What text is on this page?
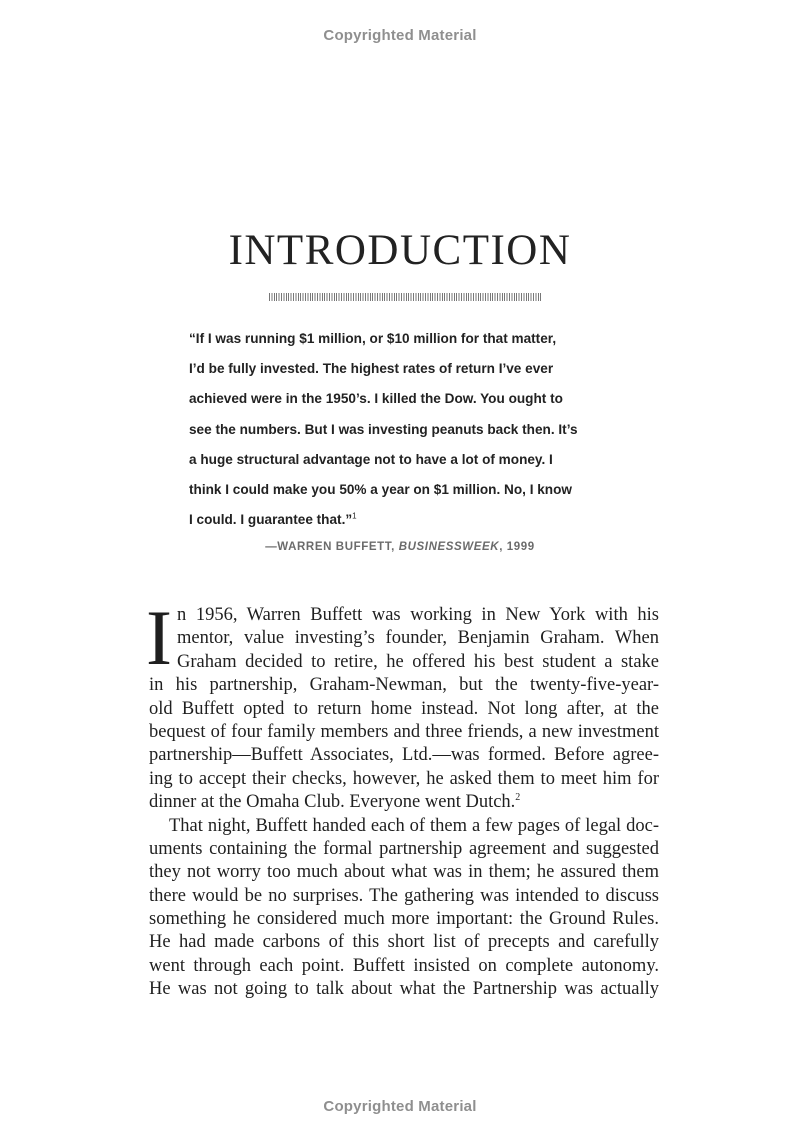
Copyrighted Material
INTRODUCTION
“If I was running $1 million, or $10 million for that matter,
I’d be fully invested. The highest rates of return I’ve ever
achieved were in the 1950’s. I killed the Dow. You ought to
see the numbers. But I was investing peanuts back then. It’s
a huge structural advantage not to have a lot of money. I
think I could make you 50% a year on $1 million. No, I know
I could. I guarantee that.”$^1$
—WARREN BUFFETT, BUSINESSWEEK, 1999
I n 1956, Warren Buffett was working in New York with his
mentor, value investing’s founder, Benjamin Graham. When
Graham decided to retire, he offered his best student a stake
in his partnership, Graham-Newman, but the twenty-five-year-
old Buffett opted to return home instead. Not long after, at the
bequest of four family members and three friends, a new investment
partnership—Buffett Associates, Ltd.—was formed. Before agree-
ing to accept their checks, however, he asked them to meet him for
dinner at the Omaha Club. Everyone went Dutch.$^2$
That night, Buffett handed each of them a few pages of legal doc-
uments containing the formal partnership agreement and suggested
they not worry too much about what was in them; he assured them
there would be no surprises. The gathering was intended to discuss
something he considered much more important: the Ground Rules.
He had made carbons of this short list of precepts and carefully
went through each point. Buffett insisted on complete autonomy.
He was not going to talk about what the Partnership was actually
Copyrighted Material
